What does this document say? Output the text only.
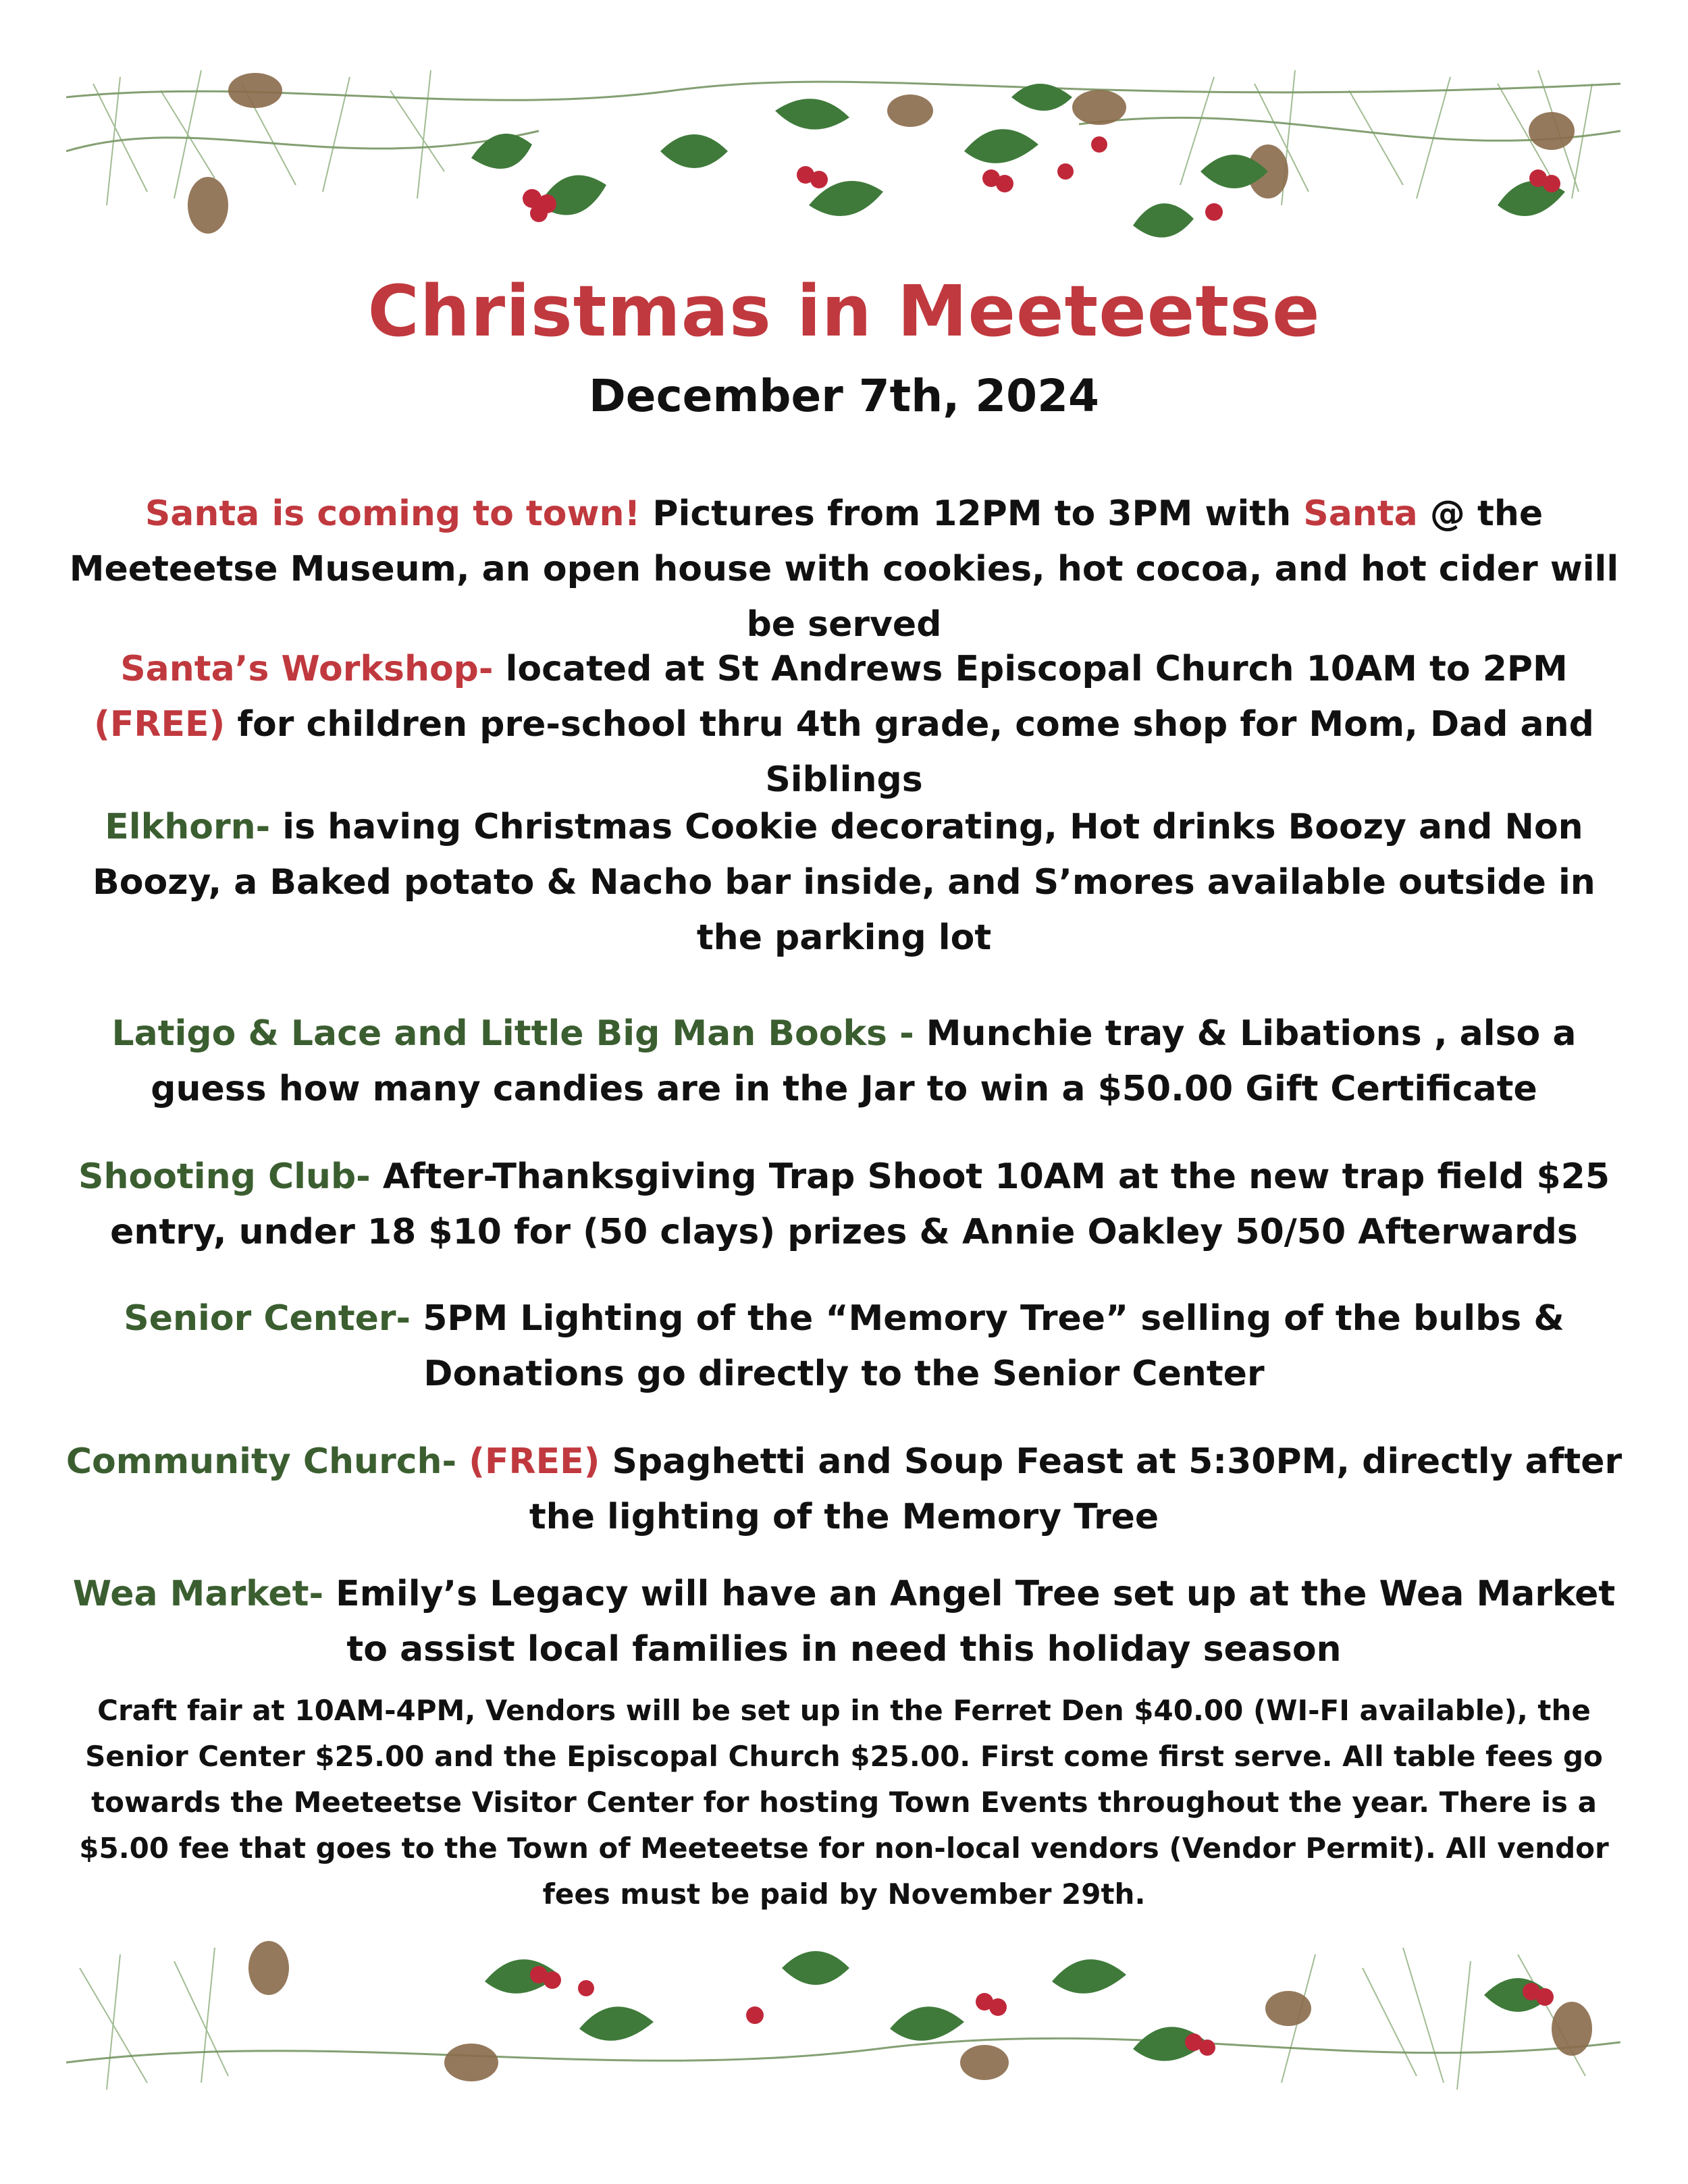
Christmas in Meeteetse
December 7th, 2024
Santa is coming to town! Pictures from 12PM to 3PM with Santa @ the Meeteetse Museum, an open house with cookies, hot cocoa, and hot cider will be served
Santa’s Workshop- located at St Andrews Episcopal Church 10AM to 2PM (FREE) for children pre-school thru 4th grade, come shop for Mom, Dad and Siblings
Elkhorn- is having Christmas Cookie decorating, Hot drinks Boozy and Non Boozy, a Baked potato & Nacho bar inside, and S’mores available outside in the parking lot
Latigo & Lace and Little Big Man Books - Munchie tray & Libations , also a guess how many candies are in the Jar to win a $50.00 Gift Certificate
Shooting Club- After-Thanksgiving Trap Shoot 10AM at the new trap field $25 entry, under 18 $10 for (50 clays) prizes & Annie Oakley 50/50 Afterwards
Senior Center- 5PM Lighting of the “Memory Tree” selling of the bulbs & Donations go directly to the Senior Center
Community Church- (FREE) Spaghetti and Soup Feast at 5:30PM, directly after the lighting of the Memory Tree
Wea Market- Emily’s Legacy will have an Angel Tree set up at the Wea Market to assist local families in need this holiday season
Craft fair at 10AM-4PM, Vendors will be set up in the Ferret Den $40.00 (WI-FI available), the Senior Center $25.00 and the Episcopal Church $25.00. First come first serve. All table fees go towards the Meeteetse Visitor Center for hosting Town Events throughout the year. There is a $5.00 fee that goes to the Town of Meeteetse for non-local vendors (Vendor Permit). All vendor fees must be paid by November 29th.
